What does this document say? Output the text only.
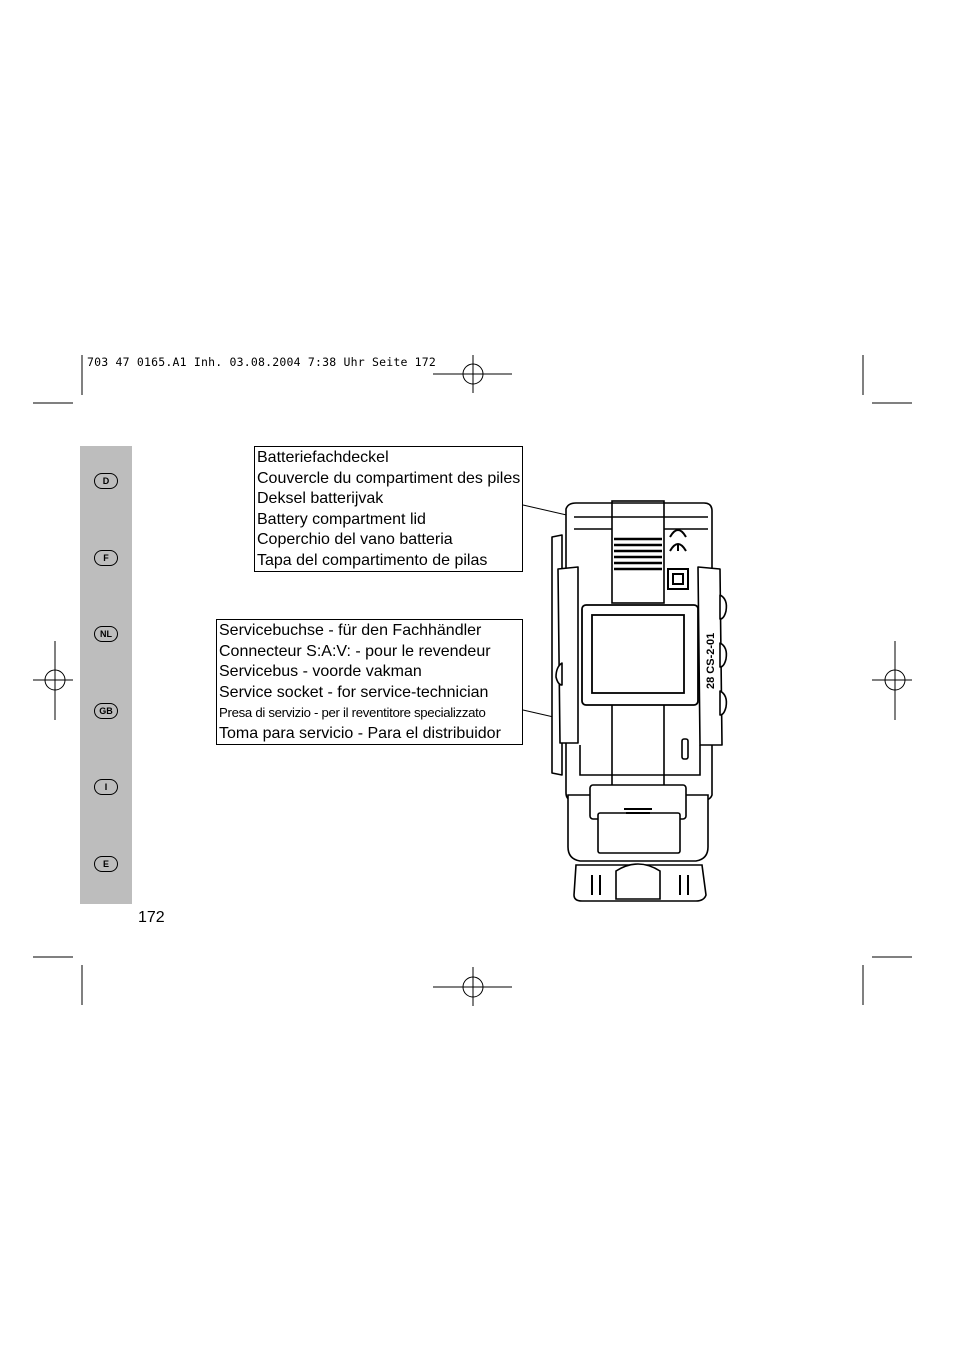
703 47 0165.A1 Inh. 03.08.2004 7:38 Uhr Seite 172
D
F
NL
GB
I
E
Batteriefachdeckel
Couvercle du compartiment des piles
Deksel batterijvak
Battery compartment lid
Coperchio del vano batteria
Tapa del compartimento de pilas
Servicebuchse - für den Fachhändler
Connecteur S:A:V: - pour le revendeur
Servicebus - voorde vakman
Service socket - for service-technician
Presa di servizio - per il reventitore specializzato
Toma para servicio - Para el distribuidor
28 CS-2-01
172
